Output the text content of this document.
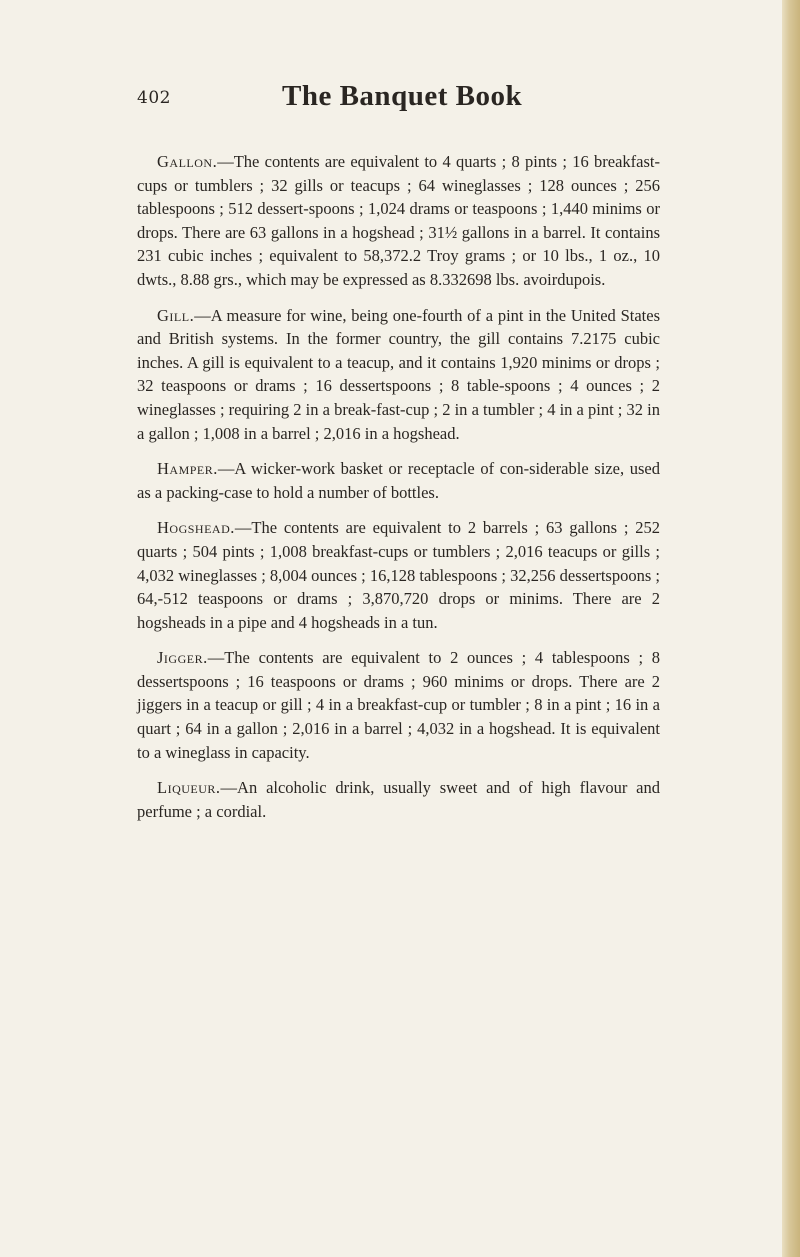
402	The Banquet Book

Gallon.—The contents are equivalent to 4 quarts ; 8 pints ; 16 breakfast-cups or tumblers ; 32 gills or teacups ; 64 wineglasses ; 128 ounces ; 256 tablespoons ; 512 dessert-spoons ; 1,024 drams or teaspoons ; 1,440 minims or drops. There are 63 gallons in a hogshead ; 31½ gallons in a barrel. It contains 231 cubic inches ; equivalent to 58,372.2 Troy grams ; or 10 lbs., 1 oz., 10 dwts., 8.88 grs., which may be expressed as 8.332698 lbs. avoirdupois.

Gill.—A measure for wine, being one-fourth of a pint in the United States and British systems. In the former country, the gill contains 7.2175 cubic inches. A gill is equivalent to a teacup, and it contains 1,920 minims or drops ; 32 teaspoons or drams ; 16 dessertspoons ; 8 table-spoons ; 4 ounces ; 2 wineglasses ; requiring 2 in a break-fast-cup ; 2 in a tumbler ; 4 in a pint ; 32 in a gallon ; 1,008 in a barrel ; 2,016 in a hogshead.

Hamper.—A wicker-work basket or receptacle of con-siderable size, used as a packing-case to hold a number of bottles.

Hogshead.—The contents are equivalent to 2 barrels ; 63 gallons ; 252 quarts ; 504 pints ; 1,008 breakfast-cups or tumblers ; 2,016 teacups or gills ; 4,032 wineglasses ; 8,004 ounces ; 16,128 tablespoons ; 32,256 dessertspoons ; 64,-512 teaspoons or drams ; 3,870,720 drops or minims. There are 2 hogsheads in a pipe and 4 hogsheads in a tun.

Jigger.—The contents are equivalent to 2 ounces ; 4 tablespoons ; 8 dessertspoons ; 16 teaspoons or drams ; 960 minims or drops. There are 2 jiggers in a teacup or gill ; 4 in a breakfast-cup or tumbler ; 8 in a pint ; 16 in a quart ; 64 in a gallon ; 2,016 in a barrel ; 4,032 in a hogshead. It is equivalent to a wineglass in capacity.

Liqueur.—An alcoholic drink, usually sweet and of high flavour and perfume ; a cordial.
